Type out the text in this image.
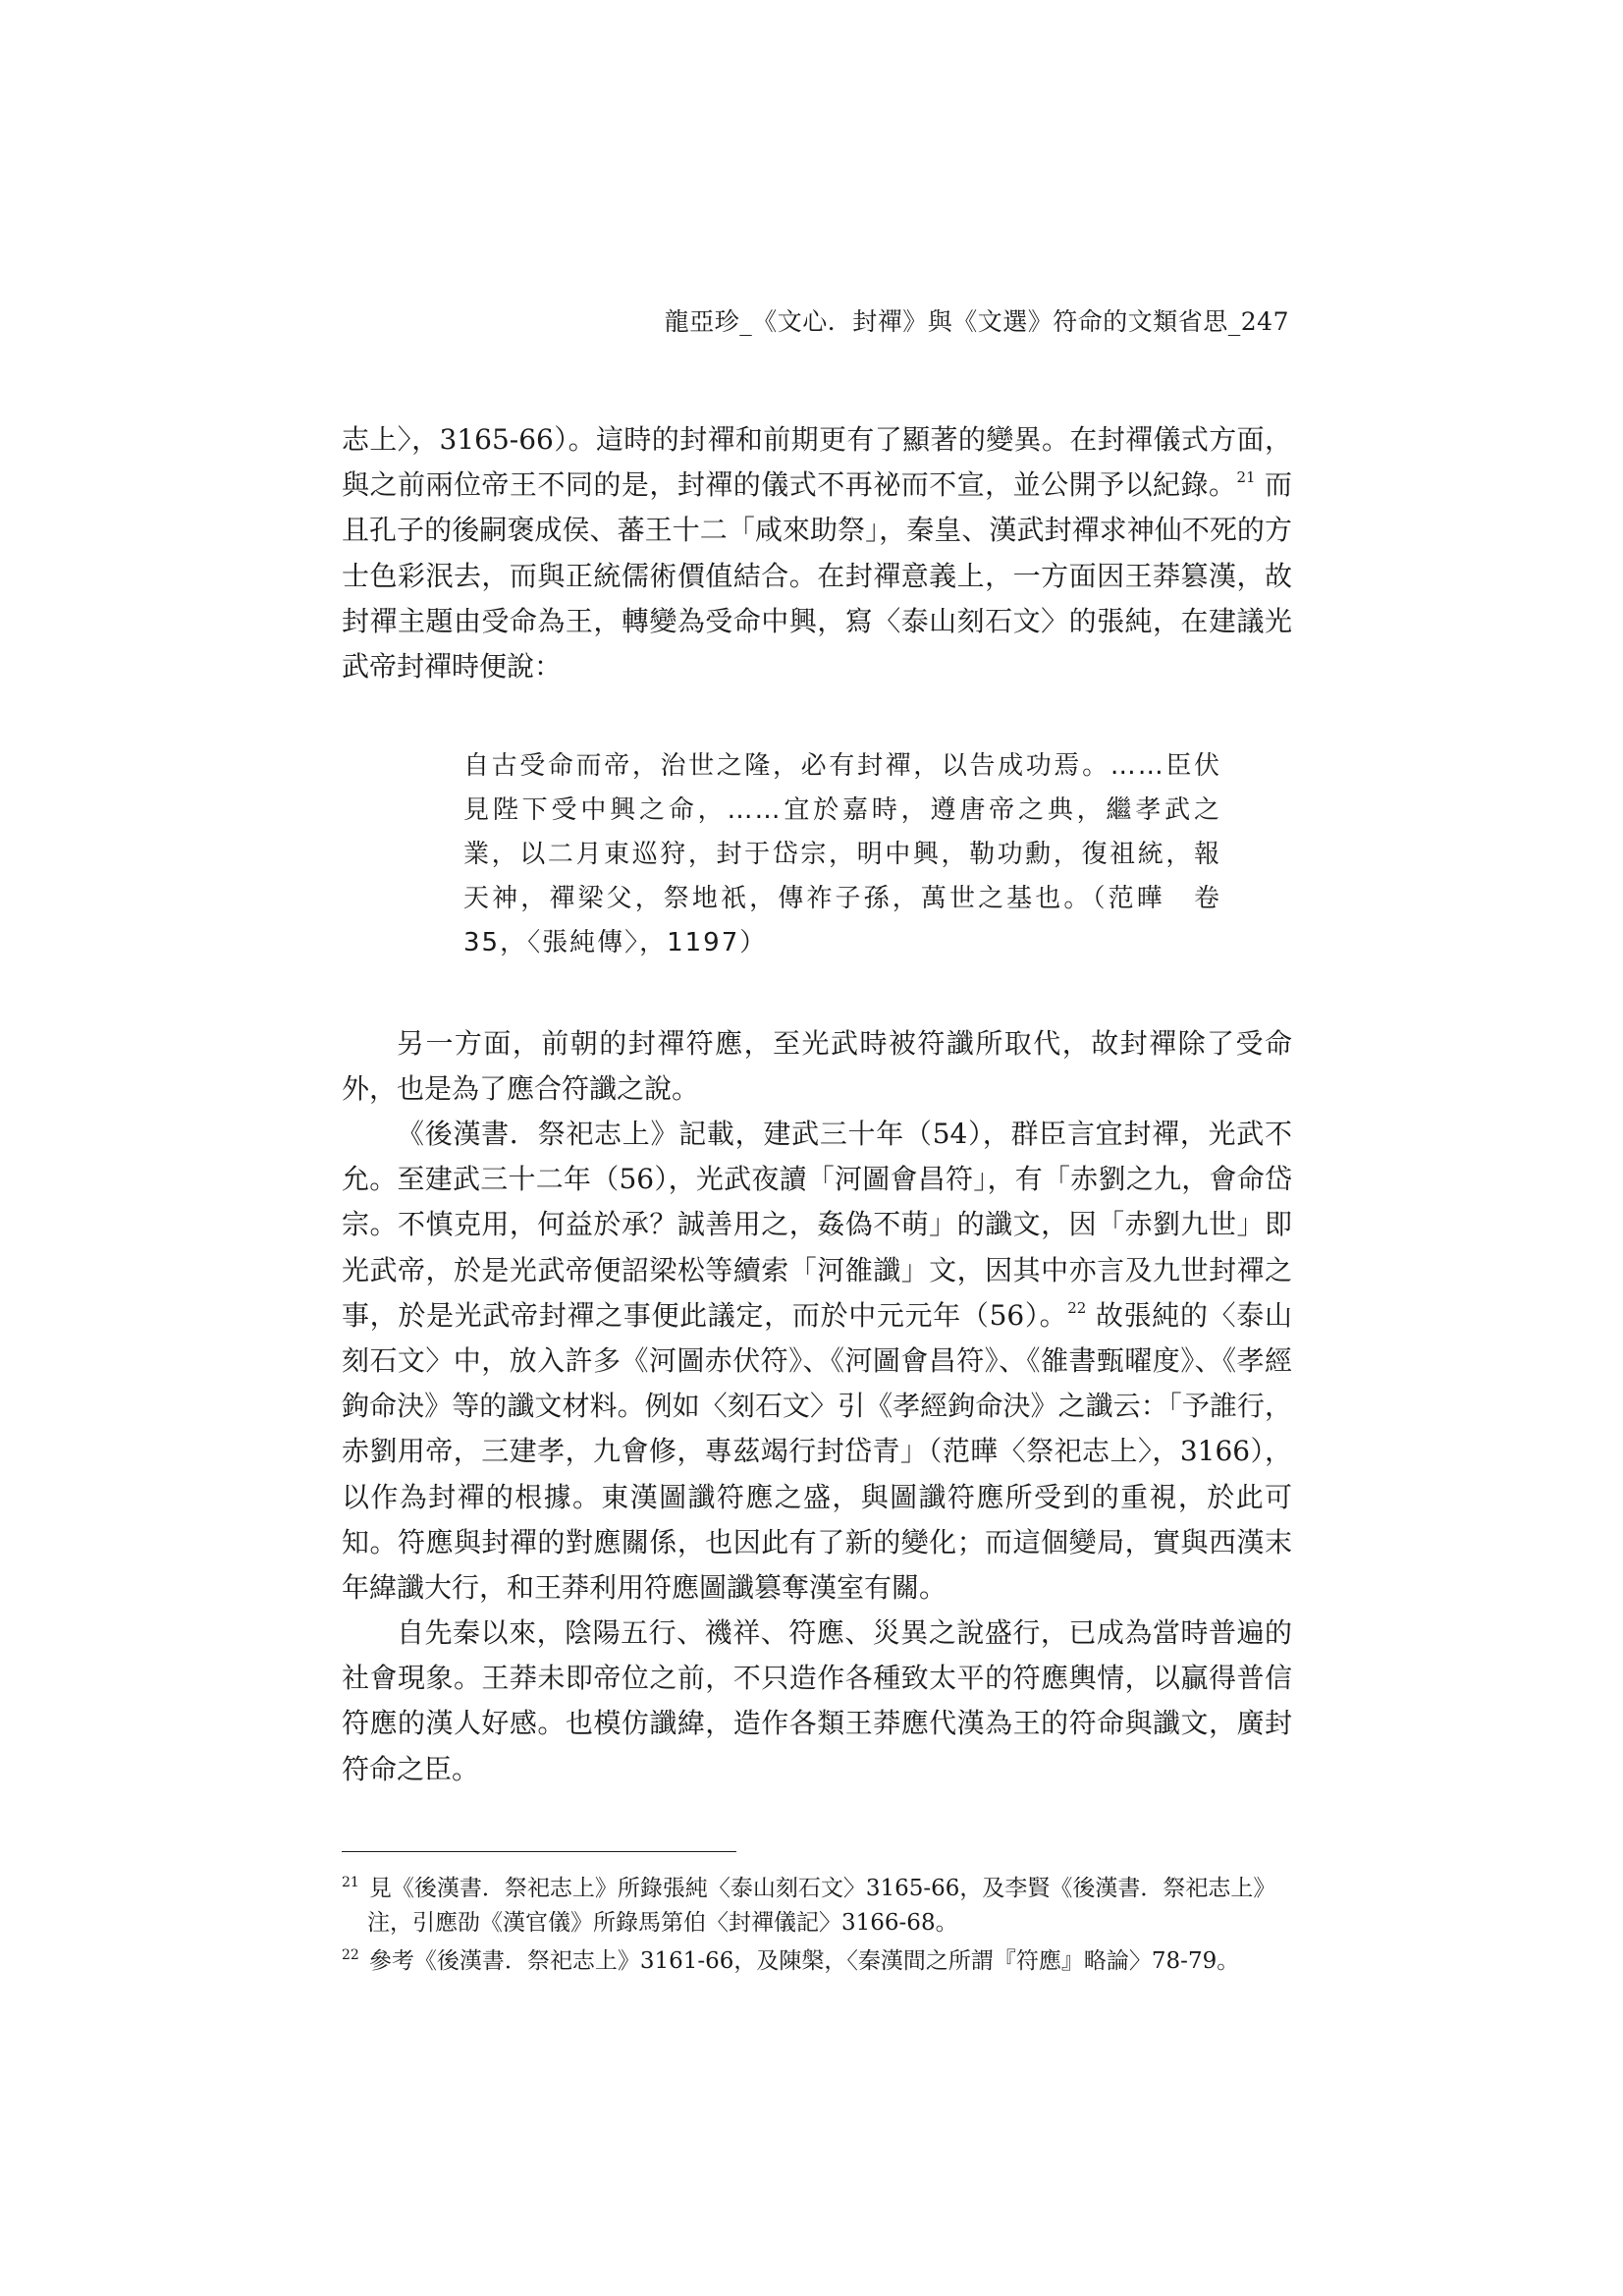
龍亞珍_《文心．封禪》與《文選》符命的文類省思_247

志上〉，3165-66）。這時的封禪和前期更有了顯著的變異。在封禪儀式方面，與之前兩位帝王不同的是，封禪的儀式不再祕而不宣，並公開予以紀錄。$^{21}$ 而且孔子的後嗣褒成侯、蕃王十二「咸來助祭」，秦皇、漢武封禪求神仙不死的方士色彩泯去，而與正統儒術價值結合。在封禪意義上，一方面因王莽篡漢，故封禪主題由受命為王，轉變為受命中興，寫〈泰山刻石文〉的張純，在建議光武帝封禪時便說：

自古受命而帝，治世之隆，必有封禪，以告成功焉。……臣伏見陛下受中興之命，……宜於嘉時，遵唐帝之典，繼孝武之業，以二月東巡狩，封于岱宗，明中興，勒功勳，復祖統，報天神，禪梁父，祭地祇，傳祚子孫，萬世之基也。（范曄　卷 35，〈張純傳〉，1197）

另一方面，前朝的封禪符應，至光武時被符讖所取代，故封禪除了受命外，也是為了應合符讖之說。

《後漢書．祭祀志上》記載，建武三十年（54），群臣言宜封禪，光武不允。至建武三十二年（56），光武夜讀「河圖會昌符」，有「赤劉之九，會命岱宗。不慎克用，何益於承？誠善用之，姦偽不萌」的讖文，因「赤劉九世」即光武帝，於是光武帝便詔梁松等續索「河雒讖」文，因其中亦言及九世封禪之事，於是光武帝封禪之事便此議定，而於中元元年（56）。$^{22}$ 故張純的〈泰山刻石文〉中，放入許多《河圖赤伏符》、《河圖會昌符》、《雒書甄曜度》、《孝經鉤命決》等的讖文材料。例如〈刻石文〉引《孝經鉤命決》之讖云：「予誰行，赤劉用帝，三建孝，九會修，專茲竭行封岱青」（范曄〈祭祀志上〉，3166），以作為封禪的根據。東漢圖讖符應之盛，與圖讖符應所受到的重視，於此可知。符應與封禪的對應關係，也因此有了新的變化；而這個變局，實與西漢末年緯讖大行，和王莽利用符應圖讖篡奪漢室有關。

自先秦以來，陰陽五行、禨祥、符應、災異之說盛行，已成為當時普遍的社會現象。王莽未即帝位之前，不只造作各種致太平的符應輿情，以贏得普信符應的漢人好感。也模仿讖緯，造作各類王莽應代漢為王的符命與讖文，廣封符命之臣。

$^{21}$ 見《後漢書．祭祀志上》所錄張純〈泰山刻石文〉3165-66，及李賢《後漢書．祭祀志上》注，引應劭《漢官儀》所錄馬第伯〈封禪儀記〉3166-68。

$^{22}$ 參考《後漢書．祭祀志上》3161-66，及陳槃，〈秦漢間之所謂『符應』略論〉78-79。
